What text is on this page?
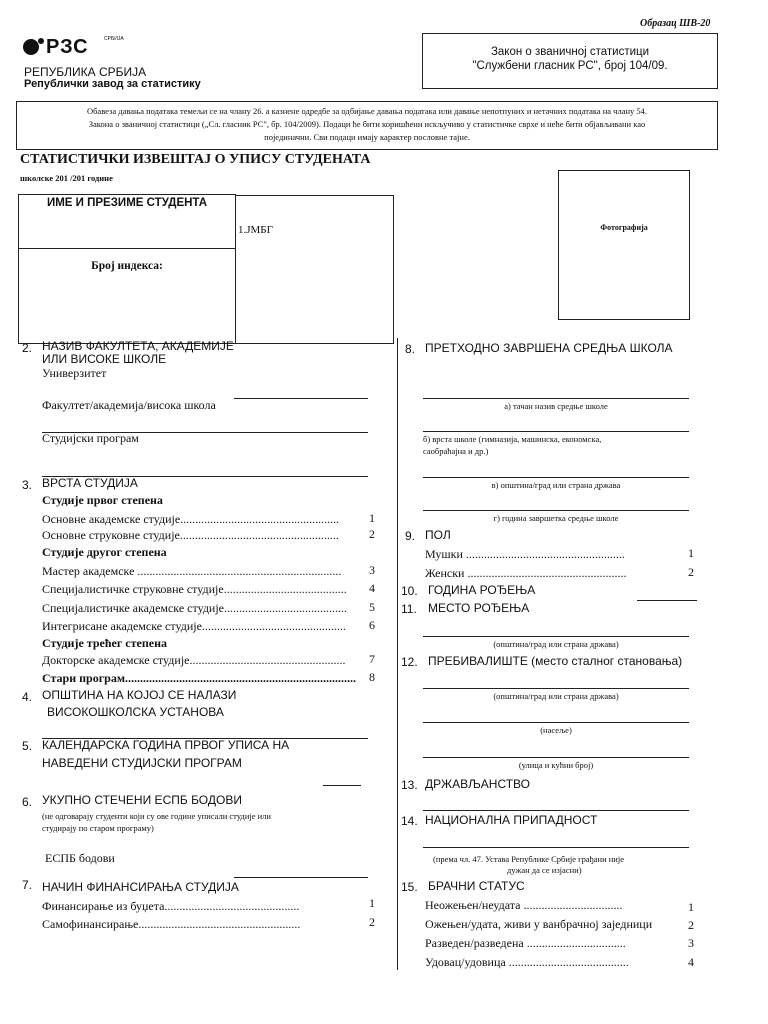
Образац ШВ-20
РЗС	СРБИЈА
РЕПУБЛИКА СРБИЈА
Републички завод за статистику
Закон о званичној статистици
"Службени гласник РС", број 104/09.
Обавеза давања података темељи се на члану 26. а казнене одредбе за одбијање давања података или давање непотпуних и нетачних података на члану 54.
Закона о званичној статистици („Сл. гласник РС", бр. 104/2009). Подаци ће бити коришћени искључиво у статистичке сврхе и неће бити објављивани као
појединачни. Сви подаци имају карактер пословне тајне.
СТАТИСТИЧКИ ИЗВЕШТАЈ О УПИСУ СТУДЕНАТА
школске 201 /201 године
ИМЕ И ПРЕЗИМЕ СТУДЕНТА
Број индекса:
1.ЈМБГ	Фотографија
2. НАЗИВ ФАКУЛТЕТА, АКАДЕМИЈЕ
ИЛИ ВИСОКЕ ШКОЛЕ
Универзитет
Факултет/академија/висока школа
Студијски програм
3. ВРСТА СТУДИЈА
Студије првог степена
Основне академске студије..................................................... 1
Основне струковне студије.....................................................	2
Студије другог степена
Мастер академске .................................................................... 3
Специјалистичке струковне студије......................................... 4
Специјалистичке академске студије......................................... 5
Интегрисане академске студије................................................ 6
Студије трећег степена
Докторске академске студије.................................................... 7
Стари програм............................................................................. 8
4. ОПШТИНА НА КОЈОЈ СЕ НАЛАЗИ
ВИСОКОШКОЛСКА УСТАНОВА
5. КАЛЕНДАРСКА ГОДИНА ПРВОГ УПИСА НА
НАВЕДЕНИ СТУДИЈСКИ ПРОГРАМ
6. УКУПНО СТЕЧЕНИ ЕСПБ БОДОВИ
(не одговарају студенти који су ове године уписали студије или
студирају по старом програму)
ЕСПБ бодови
7. НАЧИН ФИНАНСИРАЊА СТУДИЈА
Финансирање из буџета.............................................	1
Самофинансирање......................................................	2
8. ПРЕТХОДНО ЗАВРШЕНА СРЕДЊА ШКОЛА
а) тачан назив средње школе
б) врста школе (гимназија, машинска, економска,
саобраћајна и др.)
в) општина/град или страна држава
г) година завршетка средње школе
9. ПОЛ
Мушки .....................................................	1
Женски .....................................................	2
10. ГОДИНА РОЂЕЊА
11. МЕСТО РОЂЕЊА
(општина/град или страна држава)
12. ПРЕБИВАЛИШТЕ (место сталног становања)
(општина/град или страна држава)
(насеље)
(улица и кућни број)
13. ДРЖАВЉАНСТВО
14. НАЦИОНАЛНА ПРИПАДНОСТ
(према чл. 47. Устава Републике Србије грађани није
дужан да се изјасни)
15. БРАЧНИ СТАТУС
Неожењен/неудата .................................	1
Ожењен/удата, живи у ванбрачној заједници	2
Разведен/разведена .................................	3
Удовац/удовица ........................................	4
